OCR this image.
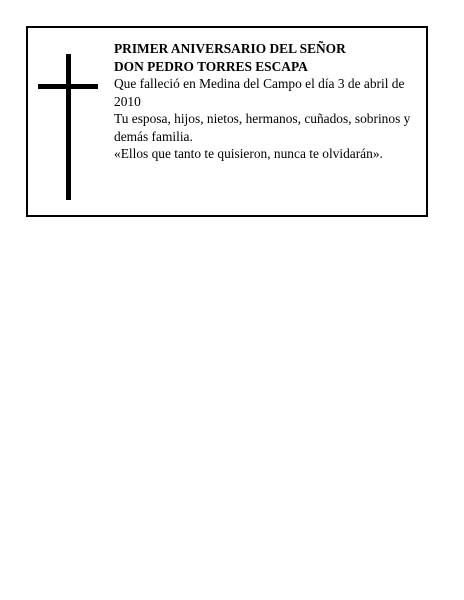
PRIMER ANIVERSARIO DEL SEÑOR

DON PEDRO TORRES ESCAPA

Que falleció en Medina del Campo el día 3 de abril de 2010

Tu esposa, hijos, nietos, hermanos, cuñados, sobrinos y demás familia.

«Ellos que tanto te quisieron, nunca te olvidarán».
